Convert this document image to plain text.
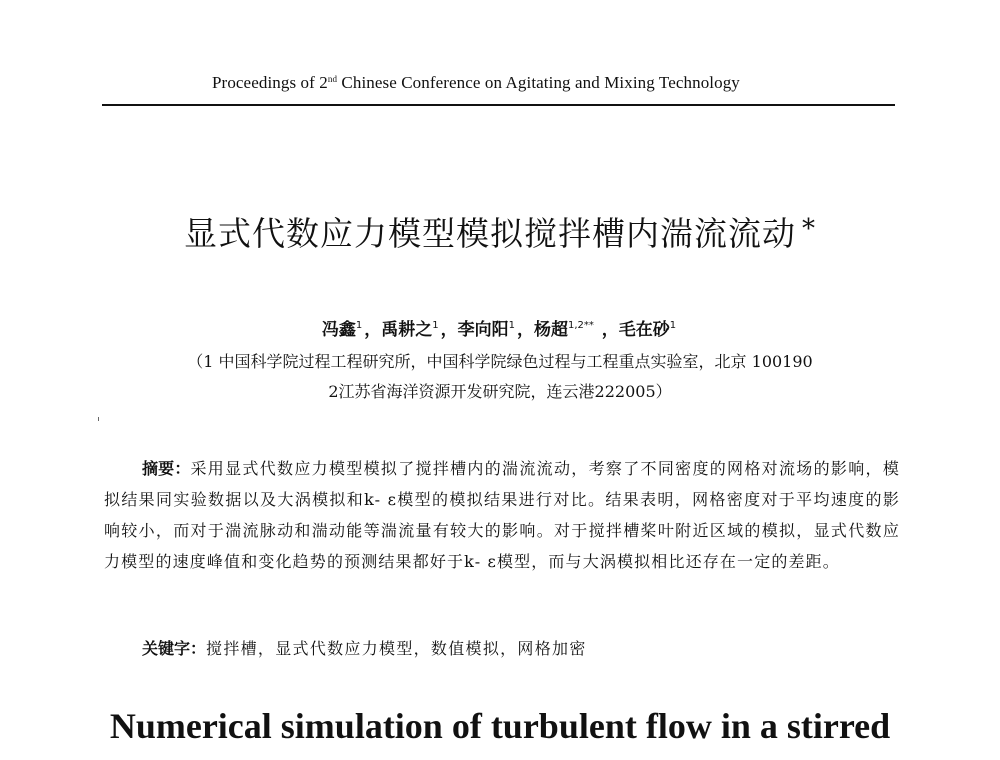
Proceedings of 2nd Chinese Conference on Agitating and Mixing Technology
显式代数应力模型模拟搅拌槽内湍流流动 *
冯鑫$^1$ ，禹耕之$^1$ ，李向阳$^1$ ，杨超$^{1,2**}$ ，毛在砂$^1$
（1 中国科学院过程工程研究所，中国科学院绿色过程与工程重点实验室，北京 100190
2江苏省海洋资源开发研究院，连云港222005）
摘要：采用显式代数应力模型模拟了搅拌槽内的湍流流动，考察了不同密度的网格对流场的影响，模拟结果同实验数据以及大涡模拟和k- ε模型的模拟结果进行对比。结果表明，网格密度对于平均速度的影响较小，而对于湍流脉动和湍动能等湍流量有较大的影响。对于搅拌槽桨叶附近区域的模拟，显式代数应力模型的速度峰值和变化趋势的预测结果都好于k- ε模型，而与大涡模拟相比还存在一定的差距。
关键字：搅拌槽，显式代数应力模型，数值模拟，网格加密
Numerical simulation of turbulent flow in a stirred
